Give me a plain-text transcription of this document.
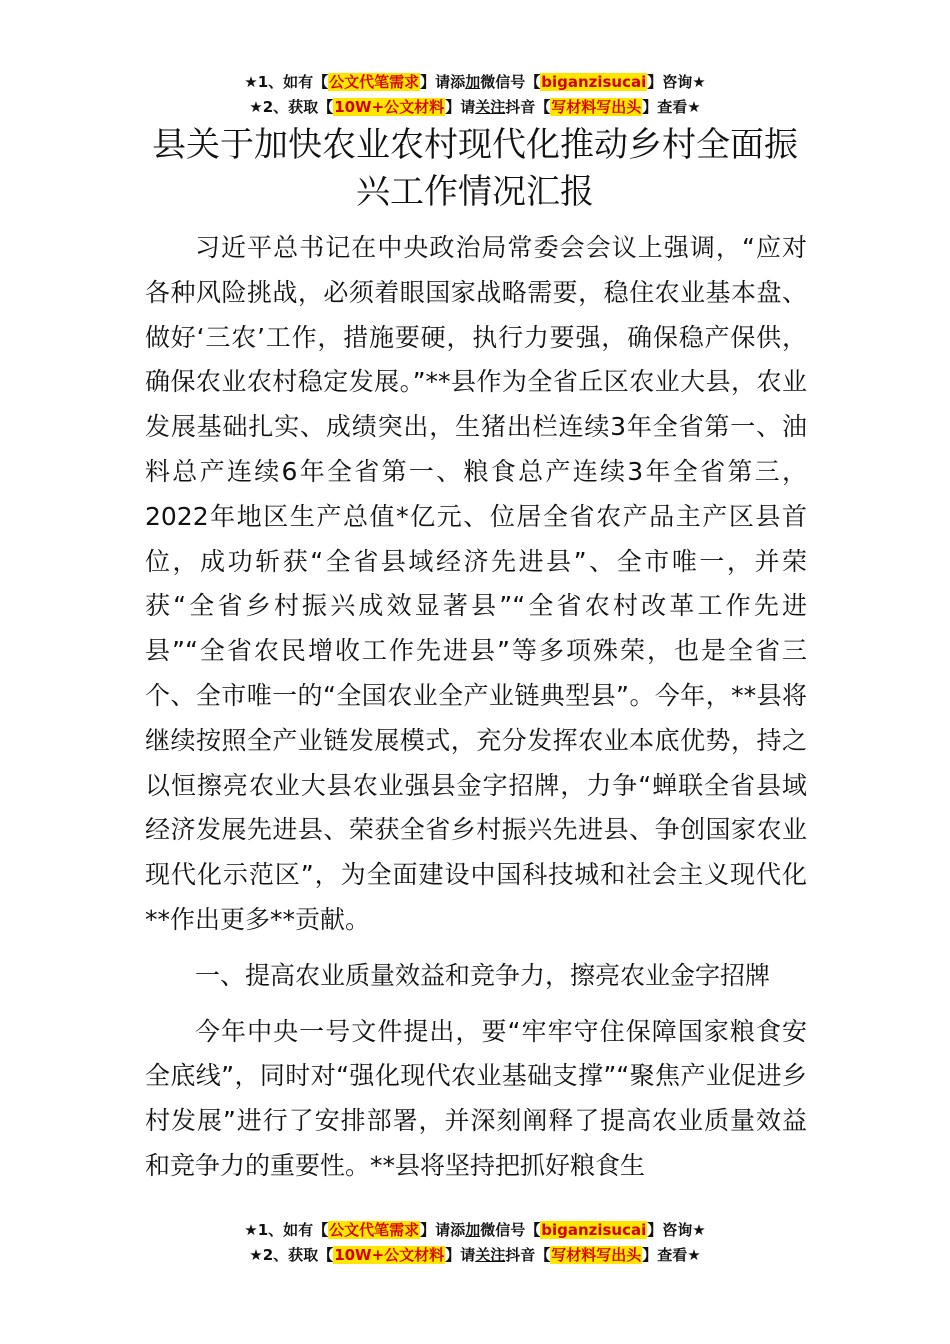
★1、如有【公文代笔需求】请添加微信号【biganzisucai】咨询★
★2、获取【10W+公文材料】请关注抖音【写材料写出头】查看★
县关于加快农业农村现代化推动乡村全面振兴工作情况汇报

习近平总书记在中央政治局常委会会议上强调，“应对各种风险挑战，必须着眼国家战略需要，稳住农业基本盘、做好‘三农’工作，措施要硬，执行力要强，确保稳产保供，确保农业农村稳定发展。”**县作为全省丘区农业大县，农业发展基础扎实、成绩突出，生猪出栏连续3年全省第一、油料总产连续6年全省第一、粮食总产连续3年全省第三，2022年地区生产总值*亿元、位居全省农产品主产区县首位，成功斩获“全省县域经济先进县”、全市唯一，并荣获“全省乡村振兴成效显著县”“全省农村改革工作先进县”“全省农民增收工作先进县”等多项殊荣，也是全省三个、全市唯一的“全国农业全产业链典型县”。今年，**县将继续按照全产业链发展模式，充分发挥农业本底优势，持之以恒擦亮农业大县农业强县金字招牌，力争“蝉联全省县域经济发展先进县、荣获全省乡村振兴先进县、争创国家农业现代化示范区”，为全面建设中国科技城和社会主义现代化**作出更多**贡献。

一、提高农业质量效益和竞争力，擦亮农业金字招牌

今年中央一号文件提出，要“牢牢守住保障国家粮食安全底线”，同时对“强化现代农业基础支撑”“聚焦产业促进乡村发展”进行了安排部署，并深刻阐释了提高农业质量效益和竞争力的重要性。**县将坚持把抓好粮食生

★1、如有【公文代笔需求】请添加微信号【biganzisucai】咨询★
★2、获取【10W+公文材料】请关注抖音【写材料写出头】查看★
